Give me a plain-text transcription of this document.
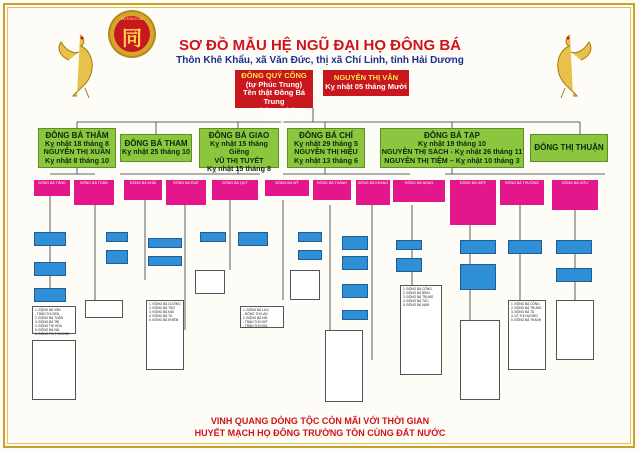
同
HỌ ĐÔNG BÁ
SƠ ĐỒ MẪU HỆ NGŨ ĐẠI HỌ ĐÔNG BÁ
Thôn Khê Khẩu, xã Văn Đức, thị xã Chí Linh, tỉnh Hải Dương
ĐÔNG QUÝ CÔNG
(tự Phúc Trung)
Tên thật Đông Bá Trung
Kỵ nhật 16 tháng Giêng
NGUYỄN THỊ VÂN
Kỵ nhật 05 tháng Mười
ĐÔNG BÁ THÂM
Kỵ nhật 18 tháng 8
NGUYỄN THỊ XUÂN
Kỵ nhật 8 tháng 10
ĐÔNG BÁ THAM
Kỵ nhật 25 tháng 10
ĐÔNG BÁ GIAO
Kỵ nhật 15 tháng Giêng
VŨ THỊ TUYẾT
Kỵ nhật 15 tháng 8
ĐÔNG BÁ CHÍ
Kỵ nhật 29 tháng 5
NGUYỄN THỊ HIỆU
Kỵ nhật 13 tháng 6
ĐÔNG BÁ TẠP
Kỵ nhật 19 tháng 10
NGUYỄN THỊ SÁCH - Kỵ nhật 26 tháng 11
NGUYỄN THỊ TIỆM – Kỵ nhật 10 tháng 3
ĐÔNG THỊ THUẬN
ĐÔNG BÁ TĂNG	ĐÔNG BÁ TOÀN	ĐÔNG BÁ KHẢI	ĐÔNG BÁ RUẺ	ĐÔNG BÁ QUÝ	ĐÔNG BÁ MỸ	ĐÔNG BÁ THÀNH	ĐÔNG BÁ KHANG	ĐÔNG BÁ NGẠN	ĐÔNG BÁ HIỆP	ĐÔNG BÁ THƯỜNG	ĐÔNG BÁ HỮU
1. ĐÔNG BÁ VĂN
- TRẦN THỊ SEN
2. ĐÔNG BÁ TOẢN
3. ĐÔNG BÁ TRỊ
4. ĐÔNG THỊ HOA
5. ĐÔNG BÁ HẢI
6. ĐÔNG THỊ THƯƠNG
1. ĐÔNG BÁ LƯU
- ĐÔNG THỊ LAN
2. ĐÔNG BÁ HẢI
- TRẦN THỊ HỢP
- TRẦN THỊ NGÀ
1. ĐÔNG BÁ CƯỜNG
2. ĐÔNG BÁ THỌ
3. ĐÔNG BÁ MÙI
4. ĐÔNG BÁ TÚ
5. ĐÔNG BÁ KHIÊM
1. ĐÔNG BÁ CÔNG
2. ĐÔNG BÁ BÌNH
3. ĐÔNG BÁ TRUNG
4. ĐÔNG BÁ TÚC
5. ĐÔNG BÁ NAM	1. ĐÔNG BÁ CÔNG
2. ĐÔNG BÁ TRUNG
3. ĐÔNG BÁ TÚ
4. LÊ THỊ HƯƠNG
5. ĐÔNG BÁ THANH
VINH QUANG DÒNG TỘC CÒN MÃI VỚI THỜI GIAN
HUYẾT MẠCH HỌ ĐÔNG TRƯỜNG TỒN CÙNG ĐẤT NƯỚC
